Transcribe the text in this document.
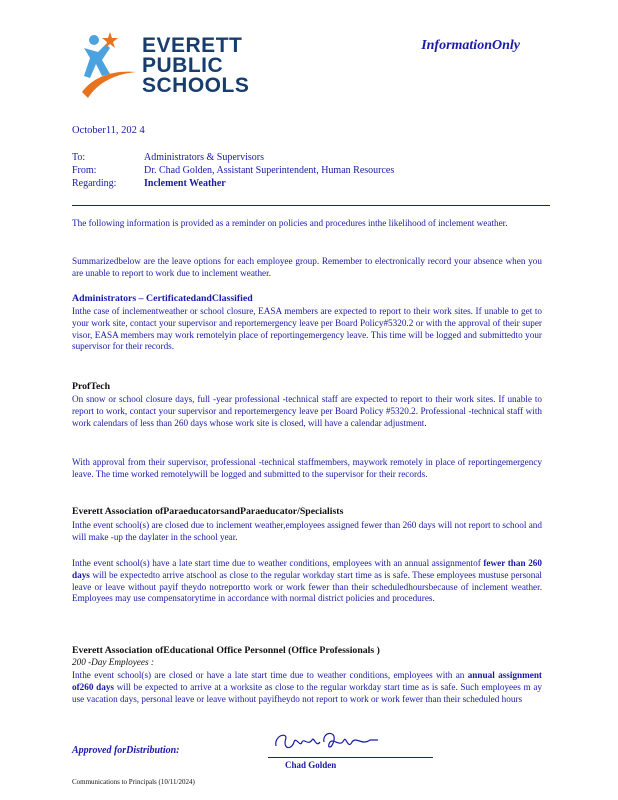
EVERETT
PUBLIC
SCHOOLS
InformationOnly
October11, 202 4
To:	Administrators & Supervisors
From:	Dr. Chad Golden, Assistant Superintendent, Human Resources
Regarding:	Inclement Weather
The following information is provided as a reminder on policies and procedures inthe likelihood of inclement weather.
Summarizedbelow are the leave options for each employee group. Remember to electronically record your absence when you are unable to report to work due to inclement weather.
Administrators – CertificatedandClassified
Inthe case of inclementweather or school closure, EASA members are expected to report to their work sites. If unable to get to your work site, contact your supervisor and reportemergency leave per Board Policy#5320.2 or with the approval of their super visor, EASA members may work remotelyin place of reportingemergency leave. This time will be logged and submittedto your supervisor for their records.
ProfTech
On snow or school closure days, full -year professional -technical staff are expected to report to their work sites. If unable to report to work, contact your supervisor and reportemergency leave per Board Policy #5320.2. Professional -technical staff with work calendars of less than 260 days whose work site is closed, will have a calendar adjustment.
With approval from their supervisor, professional -technical staffmembers, maywork remotely in place of reportingemergency leave. The time worked remotelywill be logged and submitted to the supervisor for their records.
Everett Association ofParaeducatorsandParaeducator/Specialists
Inthe event school(s) are closed due to inclement weather,employees assigned fewer than 260 days will not report to school and will make -up the daylater in the school year.
Inthe event school(s) have a late start time due to weather conditions, employees with an annual assignmentof fewer than 260 days will be expectedto arrive atschool as close to the regular workday start time as is safe. These employees mustuse personal leave or leave without payif theydo notreportto work or work fewer than their scheduledhoursbecause of inclement weather. Employees may use compensatorytime in accordance with normal district policies and procedures.
Everett Association ofEducational Office Personnel (Office Professionals )
200 -Day Employees :
Inthe event school(s) are closed or have a late start time due to weather conditions, employees with an annual assignment of260 days will be expected to arrive at a worksite as close to the regular workday start time as is safe. Such employees m ay use vacation days, personal leave or leave without payifheydo not report to work or work fewer than their scheduled hours
Approved forDistribution:
Chad Golden
Communications to Principals (10/11/2024)
